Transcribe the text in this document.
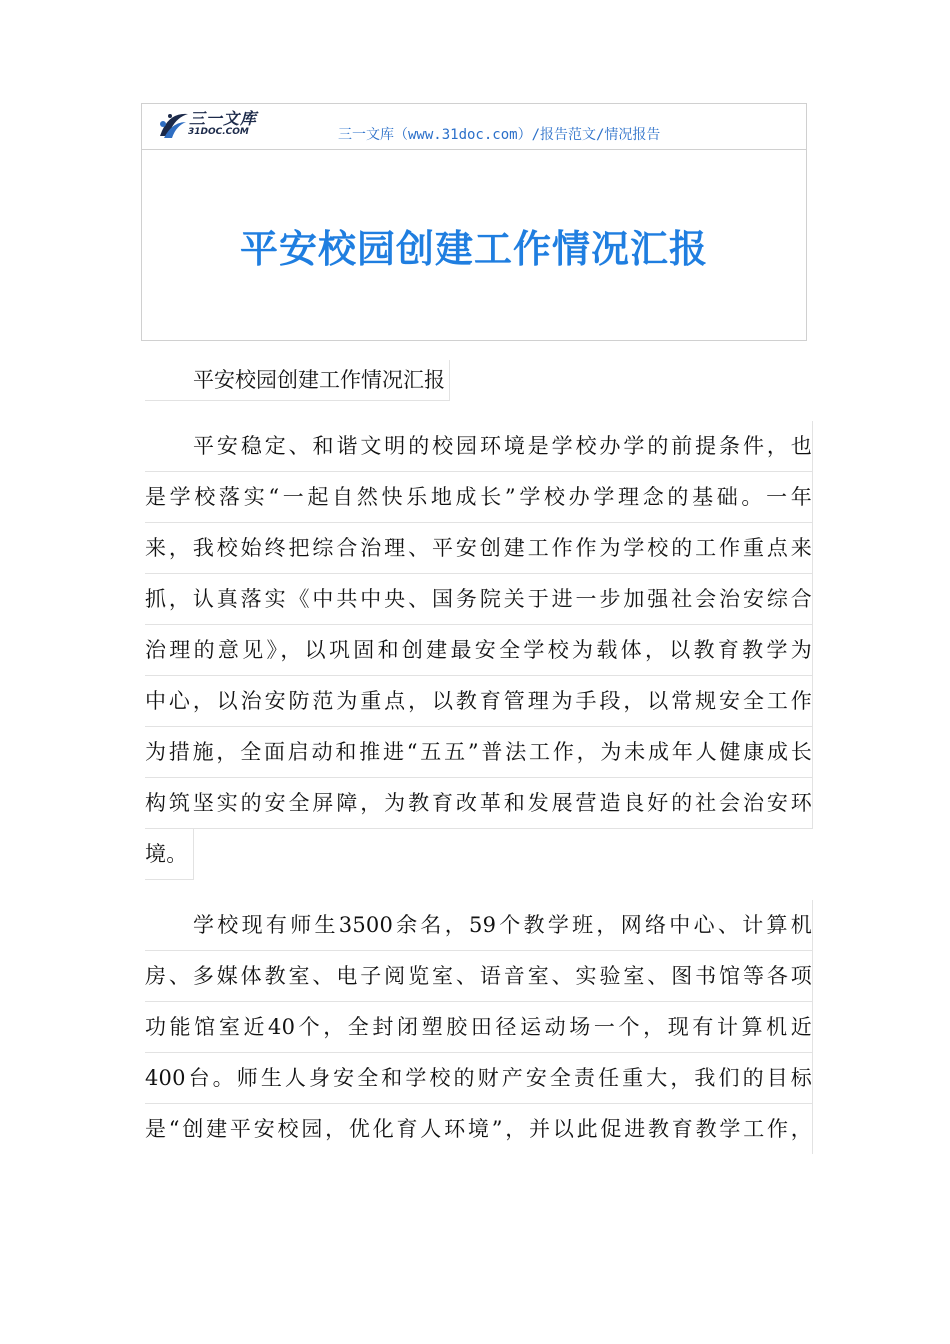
三一文库
31DOC.COM	三一文库（www.31doc.com）/报告范文/情况报告
平安校园创建工作情况汇报
平安校园创建工作情况汇报
平安稳定、和谐文明的校园环境是学校办学的前提条件，也
是学校落实“一起自然快乐地成长”学校办学理念的基础。一年
来，我校始终把综合治理、平安创建工作作为学校的工作重点来
抓，认真落实《中共中央、国务院关于进一步加强社会治安综合
治理的意见》，以巩固和创建最安全学校为载体，以教育教学为
中心，以治安防范为重点，以教育管理为手段，以常规安全工作
为措施，全面启动和推进“五五”普法工作，为未成年人健康成长
构筑坚实的安全屏障，为教育改革和发展营造良好的社会治安环
境。
学校现有师生3500余名，59个教学班，网络中心、计算机
房、多媒体教室、电子阅览室、语音室、实验室、图书馆等各项
功能馆室近40个，全封闭塑胶田径运动场一个，现有计算机近
400台。师生人身安全和学校的财产安全责任重大，我们的目标
是“创建平安校园，优化育人环境”，并以此促进教育教学工作，
